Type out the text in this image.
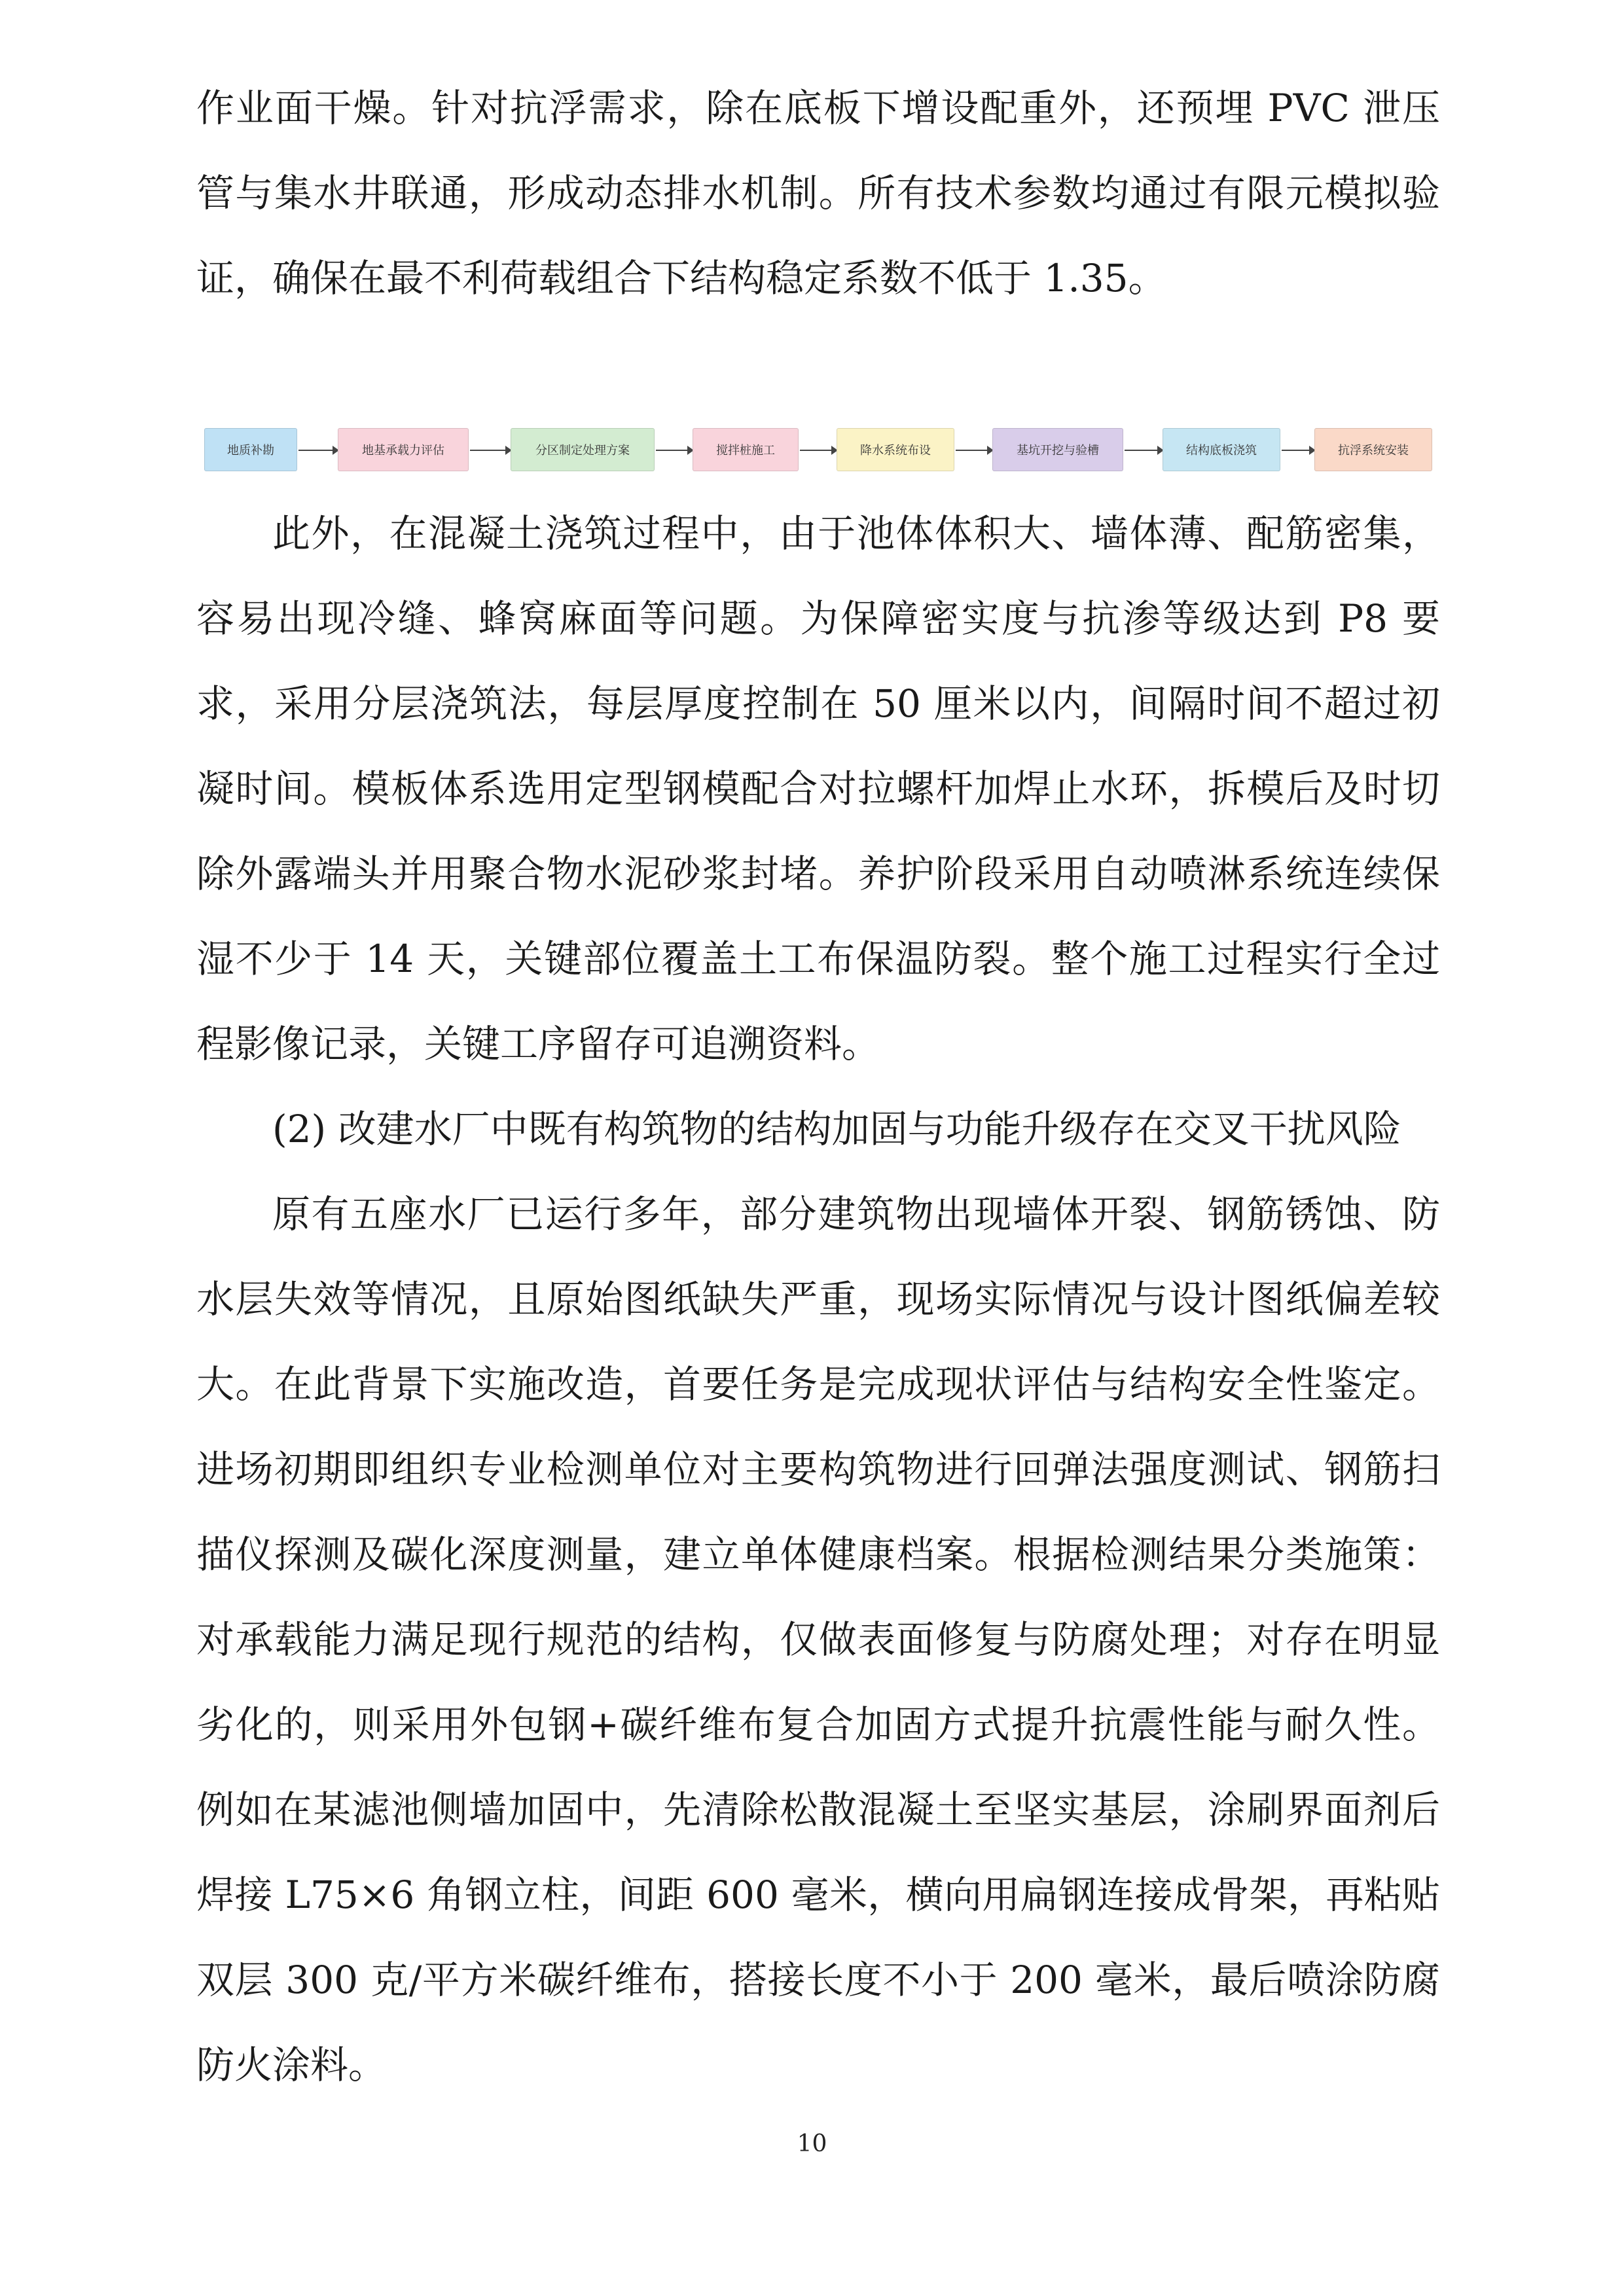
作业面干燥。针对抗浮需求，除在底板下增设配重外，还预埋 PVC 泄压管与集水井联通，形成动态排水机制。所有技术参数均通过有限元模拟验证，确保在最不利荷载组合下结构稳定系数不低于 1.35。

地质补勘	地基承载力评估	分区制定处理方案	搅拌桩施工	降水系统布设	基坑开挖与验槽	结构底板浇筑	抗浮系统安装

此外，在混凝土浇筑过程中，由于池体体积大、墙体薄、配筋密集，容易出现冷缝、蜂窝麻面等问题。为保障密实度与抗渗等级达到 P8 要求，采用分层浇筑法，每层厚度控制在 50 厘米以内，间隔时间不超过初凝时间。模板体系选用定型钢模配合对拉螺杆加焊止水环，拆模后及时切除外露端头并用聚合物水泥砂浆封堵。养护阶段采用自动喷淋系统连续保湿不少于 14 天，关键部位覆盖土工布保温防裂。整个施工过程实行全过程影像记录，关键工序留存可追溯资料。

(2) 改建水厂中既有构筑物的结构加固与功能升级存在交叉干扰风险

原有五座水厂已运行多年，部分建筑物出现墙体开裂、钢筋锈蚀、防水层失效等情况，且原始图纸缺失严重，现场实际情况与设计图纸偏差较大。在此背景下实施改造，首要任务是完成现状评估与结构安全性鉴定。进场初期即组织专业检测单位对主要构筑物进行回弹法强度测试、钢筋扫描仪探测及碳化深度测量，建立单体健康档案。根据检测结果分类施策：对承载能力满足现行规范的结构，仅做表面修复与防腐处理；对存在明显劣化的，则采用外包钢+碳纤维布复合加固方式提升抗震性能与耐久性。例如在某滤池侧墙加固中，先清除松散混凝土至坚实基层，涂刷界面剂后焊接 L75×6 角钢立柱，间距 600 毫米，横向用扁钢连接成骨架，再粘贴双层 300 克/平方米碳纤维布，搭接长度不小于 200 毫米，最后喷涂防腐防火涂料。

10
